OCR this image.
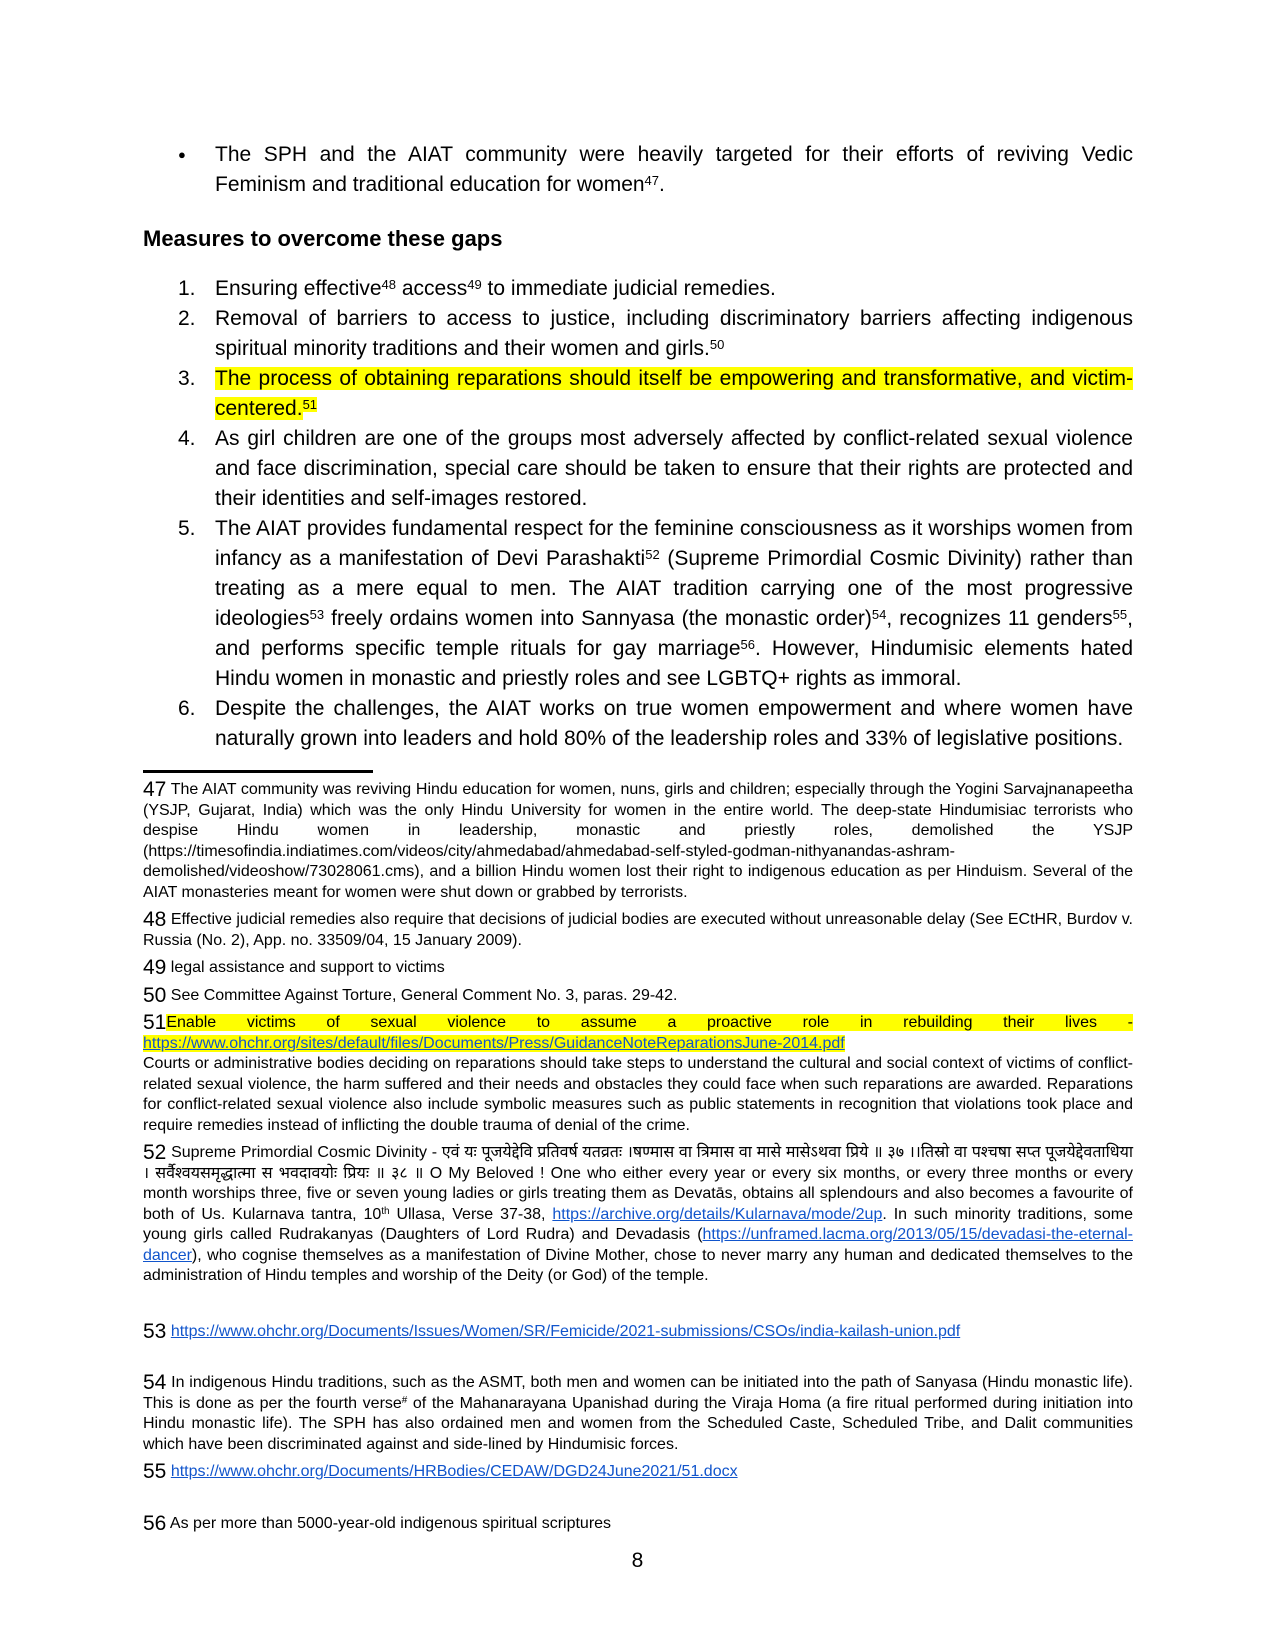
●	The SPH and the AIAT community were heavily targeted for their efforts of reviving Vedic Feminism and traditional education for women$^{47}$.
Measures to overcome these gaps
1. Ensuring effective$^{48}$ access$^{49}$ to immediate judicial remedies.
2. Removal of barriers to access to justice, including discriminatory barriers affecting indigenous spiritual minority traditions and their women and girls.$^{50}$
3. The process of obtaining reparations should itself be empowering and transformative, and victim-centered.$^{51}$
4. As girl children are one of the groups most adversely affected by conflict-related sexual violence and face discrimination, special care should be taken to ensure that their rights are protected and their identities and self-images restored.
5. The AIAT provides fundamental respect for the feminine consciousness as it worships women from infancy as a manifestation of Devi Parashakti$^{52}$ (Supreme Primordial Cosmic Divinity) rather than treating as a mere equal to men. The AIAT tradition carrying one of the most progressive ideologies$^{53}$ freely ordains women into Sannyasa (the monastic order)$^{54}$, recognizes 11 genders$^{55}$, and performs specific temple rituals for gay marriage$^{56}$. However, Hindumisic elements hated Hindu women in monastic and priestly roles and see LGBTQ+ rights as immoral.
6. Despite the challenges, the AIAT works on true women empowerment and where women have naturally grown into leaders and hold 80% of the leadership roles and 33% of legislative positions.

47 The AIAT community was reviving Hindu education for women, nuns, girls and children; especially through the Yogini Sarvajnanapeetha (YSJP, Gujarat, India) which was the only Hindu University for women in the entire world. The deep-state Hindumisiac terrorists who despise Hindu women in leadership, monastic and priestly roles, demolished the YSJP (https://timesofindia.indiatimes.com/videos/city/ahmedabad/ahmedabad-self-styled-godman-nithyanandas-ashram-demolished/videoshow/73028061.cms), and a billion Hindu women lost their right to indigenous education as per Hinduism. Several of the AIAT monasteries meant for women were shut down or grabbed by terrorists.

48 Effective judicial remedies also require that decisions of judicial bodies are executed without unreasonable delay (See ECtHR, Burdov v. Russia (No. 2), App. no. 33509/04, 15 January 2009).

49 legal assistance and support to victims

50 See Committee Against Torture, General Comment No. 3, paras. 29-42.

51Enable victims of sexual violence to assume a proactive role in rebuilding their lives - https://www.ohchr.org/sites/default/files/Documents/Press/GuidanceNoteReparationsJune-2014.pdf
Courts or administrative bodies deciding on reparations should take steps to understand the cultural and social context of victims of conflict-related sexual violence, the harm suffered and their needs and obstacles they could face when such reparations are awarded. Reparations for conflict-related sexual violence also include symbolic measures such as public statements in recognition that violations took place and require remedies instead of inflicting the double trauma of denial of the crime.

52 Supreme Primordial Cosmic Divinity - एवं यः पूजयेद्देवि प्रतिवर्ष यतव्रतः ।षण्मास वा त्रिमास वा मासे मासेऽथवा प्रिये ॥ ३७ ।।तिस्रो वा पश्चषा सप्त पूजयेद्देवताधिया । सर्वैश्वयसमृद्धात्मा स भवदावयोः प्रियः ॥ ३८ ॥ O My Beloved ! One who either every year or every six months, or every three months or every month worships three, five or seven young ladies or girls treating them as Devatās, obtains all splendours and also becomes a favourite of both of Us. Kularnava tantra, 10th Ullasa, Verse 37-38, https://archive.org/details/Kularnava/mode/2up. In such minority traditions, some young girls called Rudrakanyas (Daughters of Lord Rudra) and Devadasis (https://unframed.lacma.org/2013/05/15/devadasi-the-eternal-dancer), who cognise themselves as a manifestation of Divine Mother, chose to never marry any human and dedicated themselves to the administration of Hindu temples and worship of the Deity (or God) of the temple.

53 https://www.ohchr.org/Documents/Issues/Women/SR/Femicide/2021-submissions/CSOs/india-kailash-union.pdf

54 In indigenous Hindu traditions, such as the ASMT, both men and women can be initiated into the path of Sanyasa (Hindu monastic life). This is done as per the fourth verse# of the Mahanarayana Upanishad during the Viraja Homa (a fire ritual performed during initiation into Hindu monastic life). The SPH has also ordained men and women from the Scheduled Caste, Scheduled Tribe, and Dalit communities which have been discriminated against and side-lined by Hindumisic forces.

55 https://www.ohchr.org/Documents/HRBodies/CEDAW/DGD24June2021/51.docx

56 As per more than 5000-year-old indigenous spiritual scriptures

8
